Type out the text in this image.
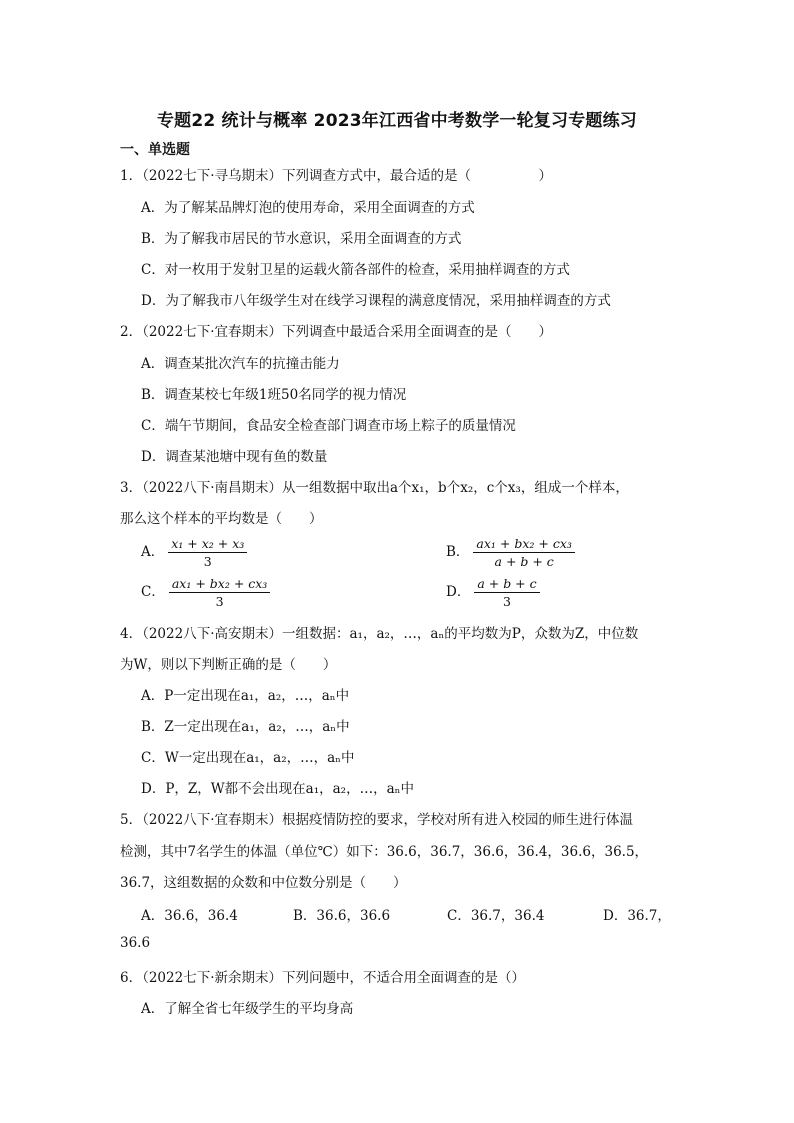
专题22 统计与概率 2023年江西省中考数学一轮复习专题练习
一、单选题
1．（2022七下·寻乌期末）下列调查方式中，最合适的是（　　　　　）
A．为了解某品牌灯泡的使用寿命，采用全面调查的方式
B．为了解我市居民的节水意识，采用全面调查的方式
C．对一枚用于发射卫星的运载火箭各部件的检查，采用抽样调查的方式
D．为了解我市八年级学生对在线学习课程的满意度情况，采用抽样调查的方式
2．（2022七下·宜春期末）下列调查中最适合采用全面调查的是（　　）
A．调查某批次汽车的抗撞击能力
B．调查某校七年级1班50名同学的视力情况
C．端午节期间，食品安全检查部门调查市场上粽子的质量情况
D．调查某池塘中现有鱼的数量
3．（2022八下·南昌期末）从一组数据中取出a个x₁，b个x₂，c个x₃，组成一个样本，
那么这个样本的平均数是（　　）
A． $\frac{\text{x₁ + x₂ + x₃}}{3}$	B． $\frac{\text{ax₁ + bx₂ + cx₃}}{a + b + c}$
C． $\frac{\text{ax₁ + bx₂ + cx₃}}{3}$	D． $\frac{a + b + c}{3}$
4．（2022八下·高安期末）一组数据：a₁，a₂，…，aₙ的平均数为P，众数为Z，中位数
为W，则以下判断正确的是（　　）
A．P一定出现在a₁，a₂，…，aₙ中
B．Z一定出现在a₁，a₂，…，aₙ中
C．W一定出现在a₁，a₂，…，aₙ中
D．P，Z，W都不会出现在a₁，a₂，…，aₙ中
5．（2022八下·宜春期末）根据疫情防控的要求，学校对所有进入校园的师生进行体温
检测，其中7名学生的体温（单位℃）如下：36.6，36.7，36.6，36.4，36.6，36.5，
36.7，这组数据的众数和中位数分别是（　　）
A．36.6，36.4	B．36.6，36.6	C．36.7，36.4	D．36.7，
36.6
6．（2022七下·新余期末）下列问题中，不适合用全面调查的是（）
A．了解全省七年级学生的平均身高
